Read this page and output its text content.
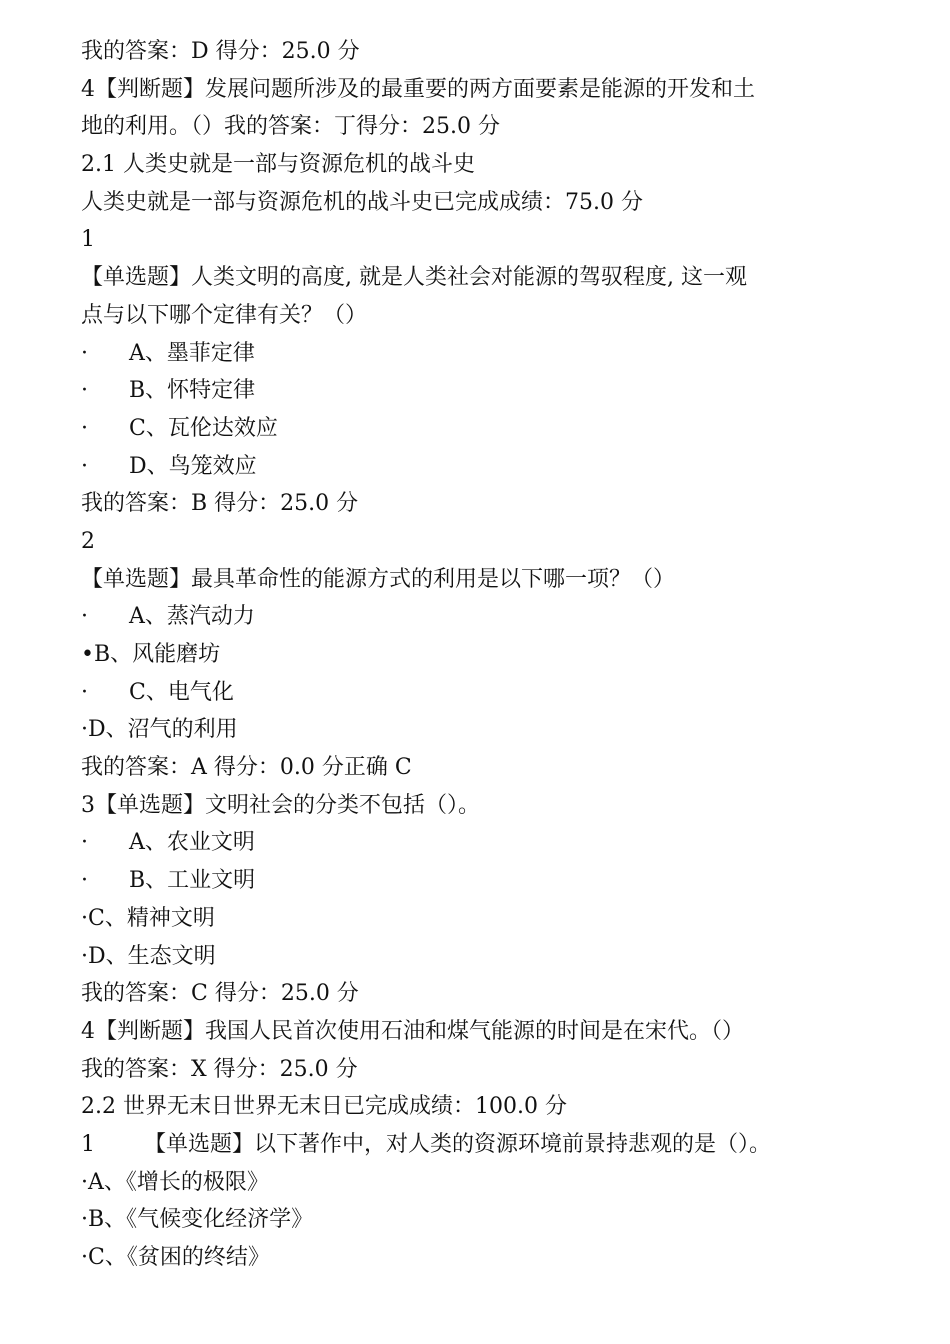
我的答案：D 得分：25.0 分
4【判断题】发展问题所涉及的最重要的两方面要素是能源的开发和土
地的利用。（）我的答案：丁得分：25.0 分
2.1 人类史就是一部与资源危机的战斗史
人类史就是一部与资源危机的战斗史已完成成绩：75.0 分
1
【单选题】人类文明的高度, 就是人类社会对能源的驾驭程度, 这一观
点与以下哪个定律有关？（）
· A、墨菲定律
· B、怀特定律
· C、瓦伦达效应
· D、鸟笼效应
我的答案：B 得分：25.0 分
2
【单选题】最具革命性的能源方式的利用是以下哪一项？（）
· A、蒸汽动力
•B、风能磨坊
· C、电气化
·D、沼气的利用
我的答案：A 得分：0.0 分正确 C
3【单选题】文明社会的分类不包括（）。
· A、农业文明
· B、工业文明
·C、精神文明
·D、生态文明
我的答案：C 得分：25.0 分
4【判断题】我国人民首次使用石油和煤气能源的时间是在宋代。（）
我的答案：X 得分：25.0 分
2.2 世界无末日世界无末日已完成成绩：100.0 分
1       【单选题】以下著作中，对人类的资源环境前景持悲观的是（）。
·A、《增长的极限》
·B、《气候变化经济学》
·C、《贫困的终结》
